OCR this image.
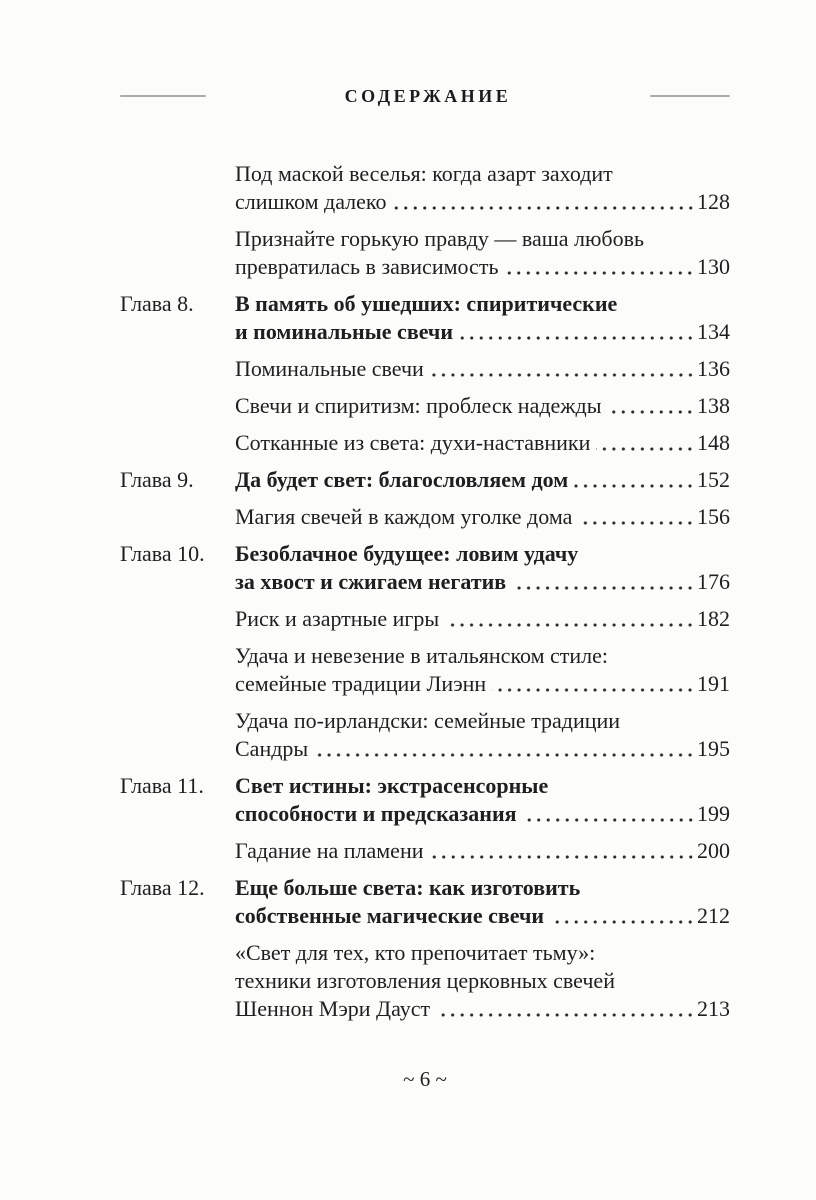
СОДЕРЖАНИЕ
Под маской веселья: когда азарт заходит
слишком далеко	128
Признайте горькую правду — ваша любовь
превратилась в зависимость	130
Глава 8.	В память об ушедших: спиритические
и поминальные свечи	134
Поминальные свечи	136
Свечи и спиритизм: проблеск надежды	138
Сотканные из света: духи-наставники	148
Глава 9.	Да будет свет: благословляем дом	152
Магия свечей в каждом уголке дома	156
Глава 10.	Безоблачное будущее: ловим удачу
за хвост и сжигаем негатив	176
Риск и азартные игры	182
Удача и невезение в итальянском стиле:
семейные традиции Лиэнн	191
Удача по-ирландски: семейные традиции
Сандры	195
Глава 11.	Свет истины: экстрасенсорные
способности и предсказания	199
Гадание на пламени	200
Глава 12.	Еще больше света: как изготовить
собственные магические свечи	212
«Свет для тех, кто препочитает тьму»:
техники изготовления церковных свечей
Шеннон Мэри Дауст	213
~ 6 ~
